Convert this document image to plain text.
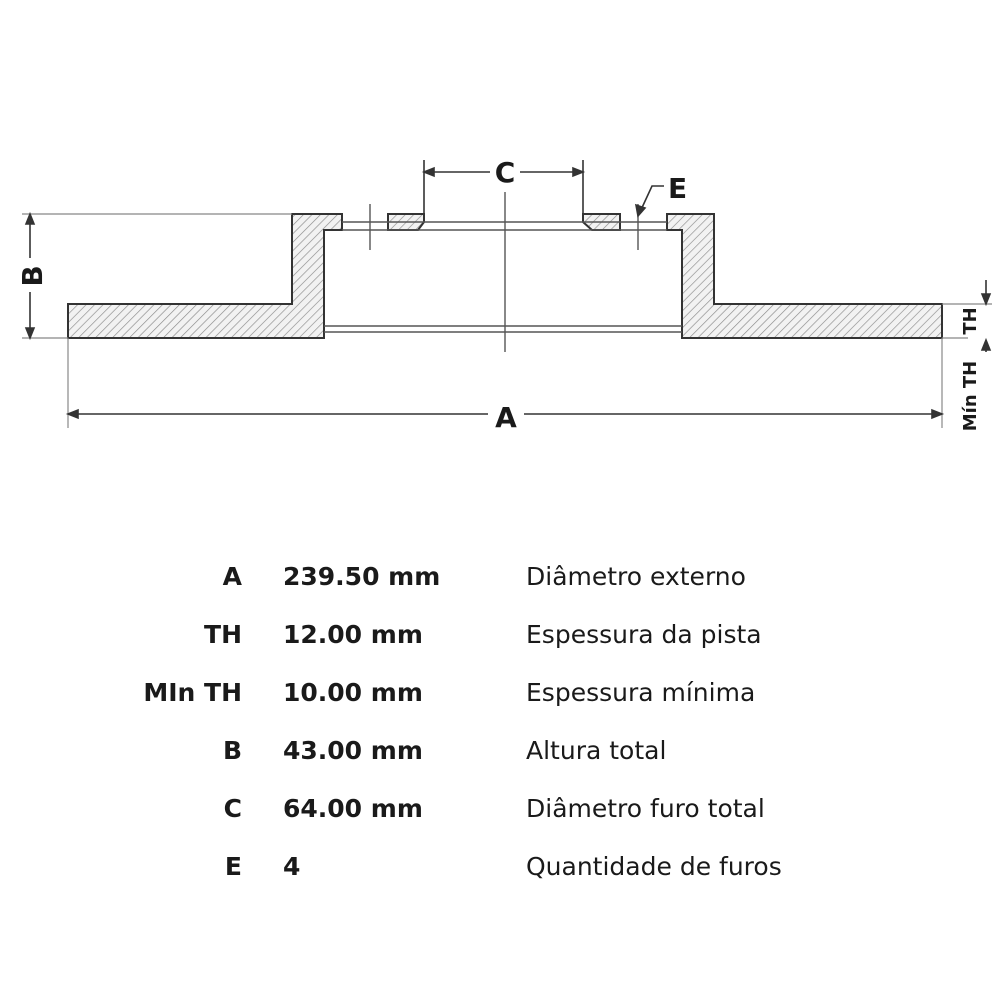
C	E
B
A
TH
Mín TH
A 239.50 mm	Diâmetro externo
TH 12.00 mm	Espessura da pista
MIn TH 10.00 mm	Espessura mínima
B 43.00 mm	Altura total
C 64.00 mm	Diâmetro furo total
E 4	Quantidade de furos
